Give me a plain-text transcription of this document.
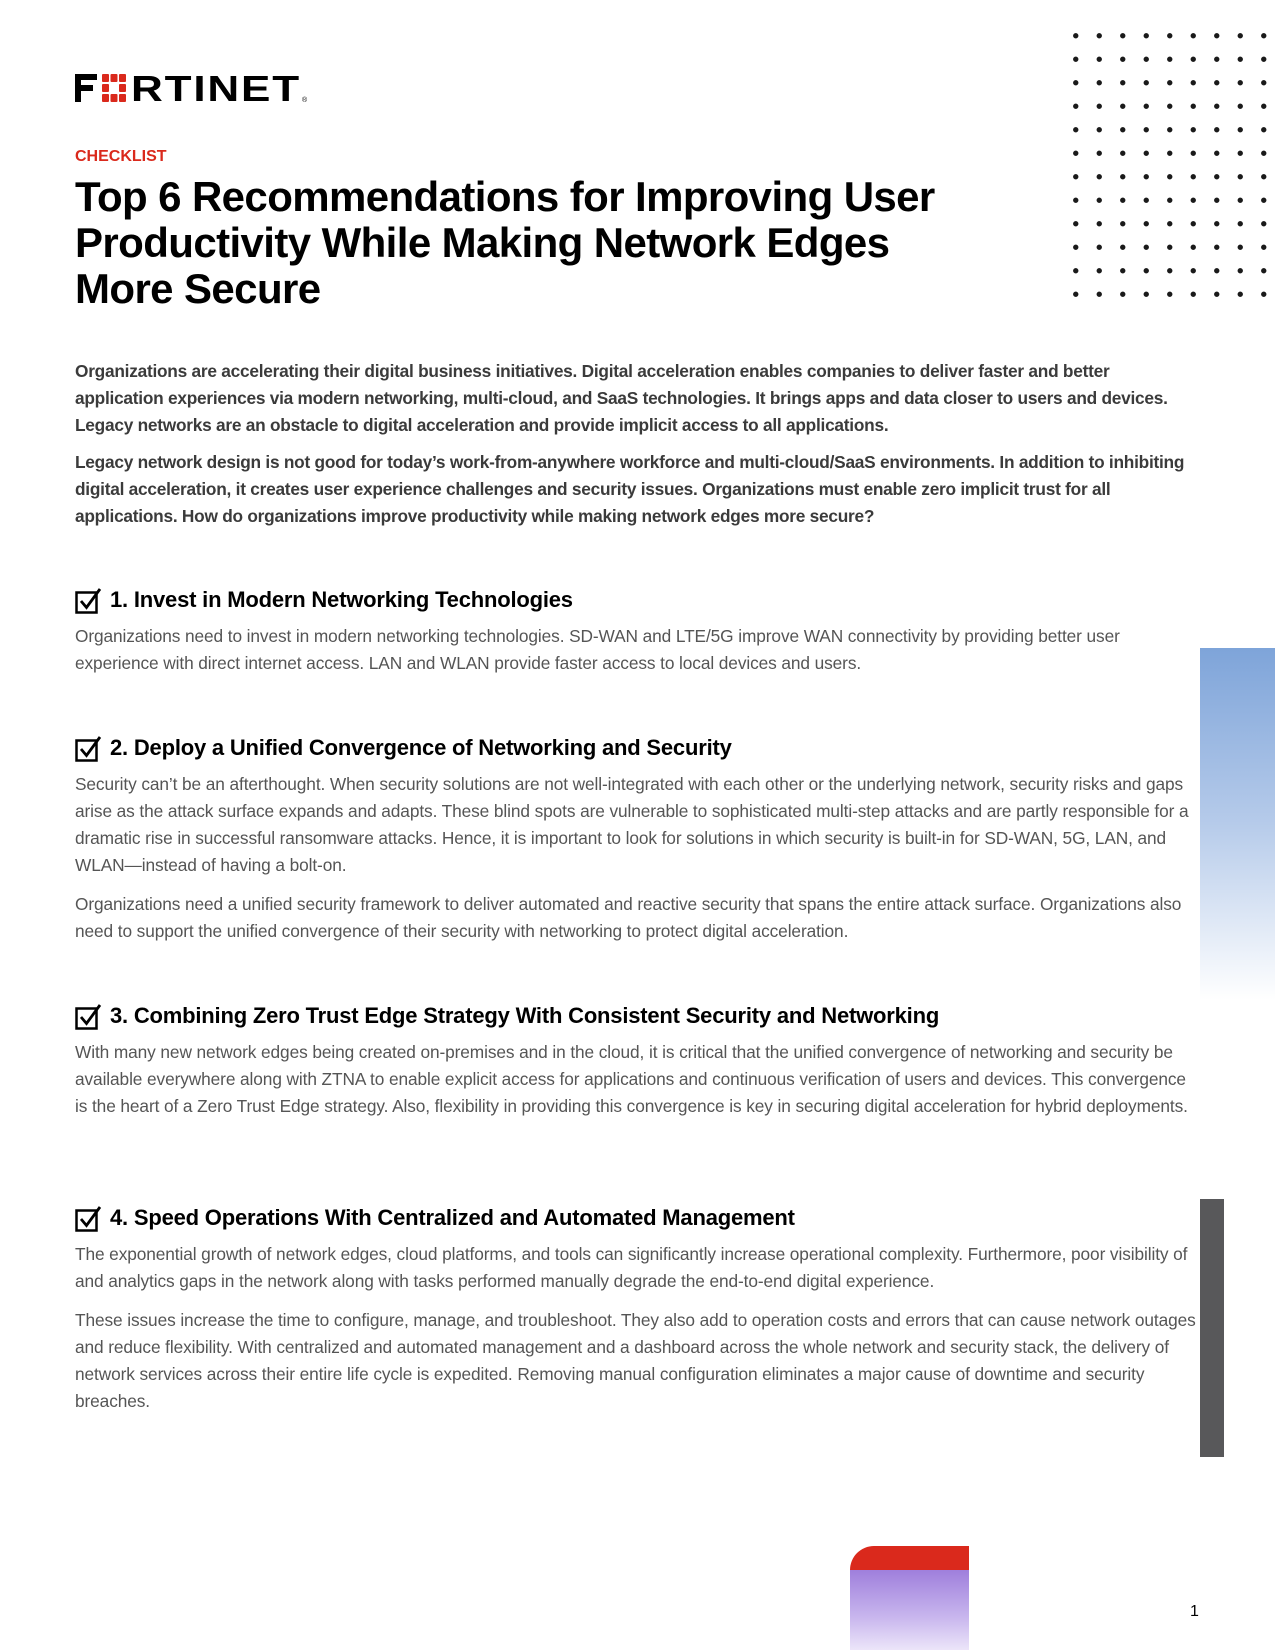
RTINET ®
CHECKLIST
Top 6 Recommendations for Improving User Productivity While Making Network Edges More Secure

Organizations are accelerating their digital business initiatives. Digital acceleration enables companies to deliver faster and better application experiences via modern networking, multi-cloud, and SaaS technologies. It brings apps and data closer to users and devices. Legacy networks are an obstacle to digital acceleration and provide implicit access to all applications.

Legacy network design is not good for today’s work-from-anywhere workforce and multi-cloud/SaaS environments. In addition to inhibiting digital acceleration, it creates user experience challenges and security issues. Organizations must enable zero implicit trust for all applications. How do organizations improve productivity while making network edges more secure?

1. Invest in Modern Networking Technologies

Organizations need to invest in modern networking technologies. SD-WAN and LTE/5G improve WAN connectivity by providing better user experience with direct internet access. LAN and WLAN provide faster access to local devices and users.

2. Deploy a Unified Convergence of Networking and Security

Security can’t be an afterthought. When security solutions are not well-integrated with each other or the underlying network, security risks and gaps arise as the attack surface expands and adapts. These blind spots are vulnerable to sophisticated multi-step attacks and are partly responsible for a dramatic rise in successful ransomware attacks. Hence, it is important to look for solutions in which security is built-in for SD-WAN, 5G, LAN, and WLAN—instead of having a bolt-on.

Organizations need a unified security framework to deliver automated and reactive security that spans the entire attack surface. Organizations also need to support the unified convergence of their security with networking to protect digital acceleration.

3. Combining Zero Trust Edge Strategy With Consistent Security and Networking

With many new network edges being created on-premises and in the cloud, it is critical that the unified convergence of networking and security be available everywhere along with ZTNA to enable explicit access for applications and continuous verification of users and devices. This convergence is the heart of a Zero Trust Edge strategy. Also, flexibility in providing this convergence is key in securing digital acceleration for hybrid deployments.

4. Speed Operations With Centralized and Automated Management

The exponential growth of network edges, cloud platforms, and tools can significantly increase operational complexity. Furthermore, poor visibility of and analytics gaps in the network along with tasks performed manually degrade the end-to-end digital experience.

These issues increase the time to configure, manage, and troubleshoot. They also add to operation costs and errors that can cause network outages and reduce flexibility. With centralized and automated management and a dashboard across the whole network and security stack, the delivery of network services across their entire life cycle is expedited. Removing manual configuration eliminates a major cause of downtime and security breaches.

1
